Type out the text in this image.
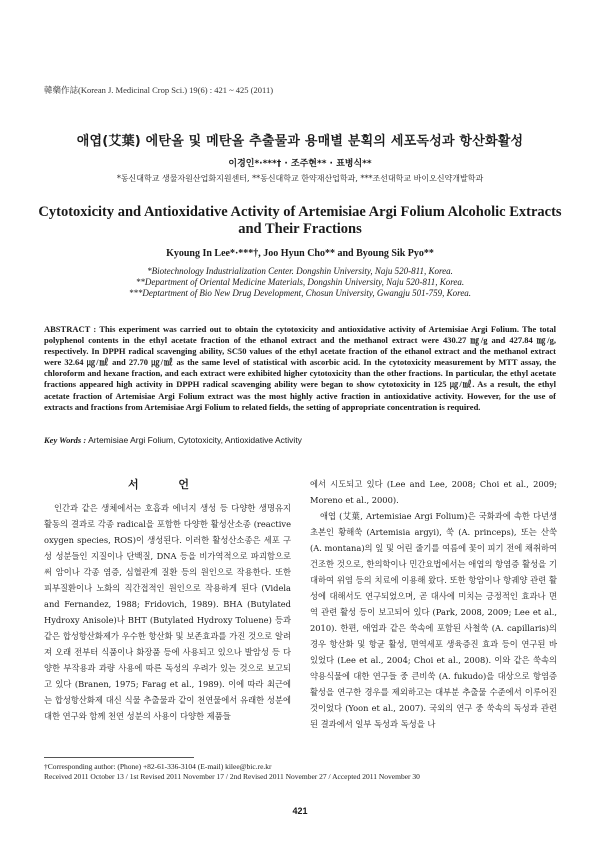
韓藥作誌(Korean J. Medicinal Crop Sci.) 19(6) : 421 ~ 425 (2011)
애엽(艾葉) 에탄올 및 메탄올 추출물과 용매별 분획의 세포독성과 항산화활성
이경인*·***† · 조주현** · 표병식**
*동신대학교 생물자원산업화지원센터, **동신대학교 한약재산업학과, ***조선대학교 바이오신약개발학과
Cytotoxicity and Antioxidative Activity of Artemisiae Argi Folium Alcoholic Extracts and Their Fractions
Kyoung In Lee*·***†, Joo Hyun Cho** and Byoung Sik Pyo**
*Biotechnology Industrialization Center. Dongshin University, Naju 520-811, Korea.
**Department of Oriental Medicine Materials, Dongshin University, Naju 520-811, Korea.
***Deptartment of Bio New Drug Development, Chosun University, Gwangju 501-759, Korea.
ABSTRACT : This experiment was carried out to obtain the cytotoxicity and antioxidative activity of Artemisiae Argi Folium. The total polyphenol contents in the ethyl acetate fraction of the ethanol extract and the methanol extract were 430.27 ㎎/g and 427.84 ㎎/g, respectively. In DPPH radical scavenging ability, SC50 values of the ethyl acetate fraction of the ethanol extract and the methanol extract were 32.64 ㎍/㎖ and 27.70 ㎍/㎖ as the same level of statistical with ascorbic acid. In the cytotoxicity measurement by MTT assay, the chloroform and hexane fraction, and each extract were exhibited higher cytotoxicity than the other fractions. In particular, the ethyl acetate fractions appeared high activity in DPPH radical scavenging ability were began to show cytotoxicity in 125 ㎍/㎖. As a result, the ethyl acetate fraction of Artemisiae Argi Folium extract was the most highly active fraction in antioxidative activity. However, for the use of extracts and fractions from Artemisiae Argi Folium to related fields, the setting of appropriate concentration is required.
Key Words : Artemisiae Argi Folium, Cytotoxicity, Antioxidative Activity
서 언

인간과 같은 생체에서는 호흡과 에너지 생성 등 다양한 생명유지 활동의 결과로 각종 radical을 포함한 다양한 활성산소종 (reactive oxygen species, ROS)이 생성된다. 이러한 활성산소종은 세포 구성 성분들인 지질이나 단백질, DNA 등을 비가역적으로 파괴함으로써 암이나 각종 염증, 심혈관계 질환 등의 원인으로 작용한다. 또한 피부질환이나 노화의 직간접적인 원인으로 작용하게 된다 (Videla and Fernandez, 1988; Fridovich, 1989). BHA (Butylated Hydroxy Anisole)나 BHT (Butylated Hydroxy Toluene) 등과 같은 합성항산화제가 우수한 항산화 및 보존효과를 가진 것으로 알려져 오래 전부터 식품이나 화장품 등에 사용되고 있으나 발암성 등 다양한 부작용과 과량 사용에 따른 독성의 우려가 있는 것으로 보고되고 있다 (Branen, 1975; Farag et al., 1989). 이에 따라 최근에는 합성항산화제 대신 식물 추출물과 같이 천연물에서 유래한 성분에 대한 연구와 함께 천연 성분의 사용이 다양한 제품들

에서 시도되고 있다 (Lee and Lee, 2008; Choi et al., 2009; Moreno et al., 2000).

애엽 (艾葉, Artemisiae Argi Folium)은 국화과에 속한 다년생 초본인 황해쑥 (Artemisia argyi), 쑥 (A. princeps), 또는 산쑥 (A. montana)의 잎 및 어린 줄기를 여름에 꽃이 피기 전에 채취하여 건조한 것으로, 한의학이나 민간요법에서는 애엽의 항염증 활성을 기대하여 위염 등의 치료에 이용해 왔다. 또한 항암이나 항궤양 관련 활성에 대해서도 연구되었으며, 곧 대사에 미치는 긍정적인 효과나 면역 관련 활성 등이 보고되어 있다 (Park, 2008, 2009; Lee et al., 2010). 한편, 애엽과 같은 쑥속에 포함된 사철쑥 (A. capillaris)의 경우 항산화 및 항균 활성, 면역세포 생육증진 효과 등이 연구된 바 있었다 (Lee et al., 2004; Choi et al., 2008). 이와 같은 쑥속의 약용식물에 대한 연구들 중 큰비쑥 (A. fukudo)을 대상으로 항염증 활성을 연구한 경우를 제외하고는 대부분 추출물 수준에서 이루어진 것이었다 (Yoon et al., 2007). 국외의 연구 중 쑥속의 독성과 관련된 결과에서 일부 독성과 독성을 나

†Corresponding author: (Phone) +82-61-336-3104 (E-mail) kilee@bic.re.kr
Received 2011 October 13 / 1st Revised 2011 November 17 / 2nd Revised 2011 November 27 / Accepted 2011 November 30
421
